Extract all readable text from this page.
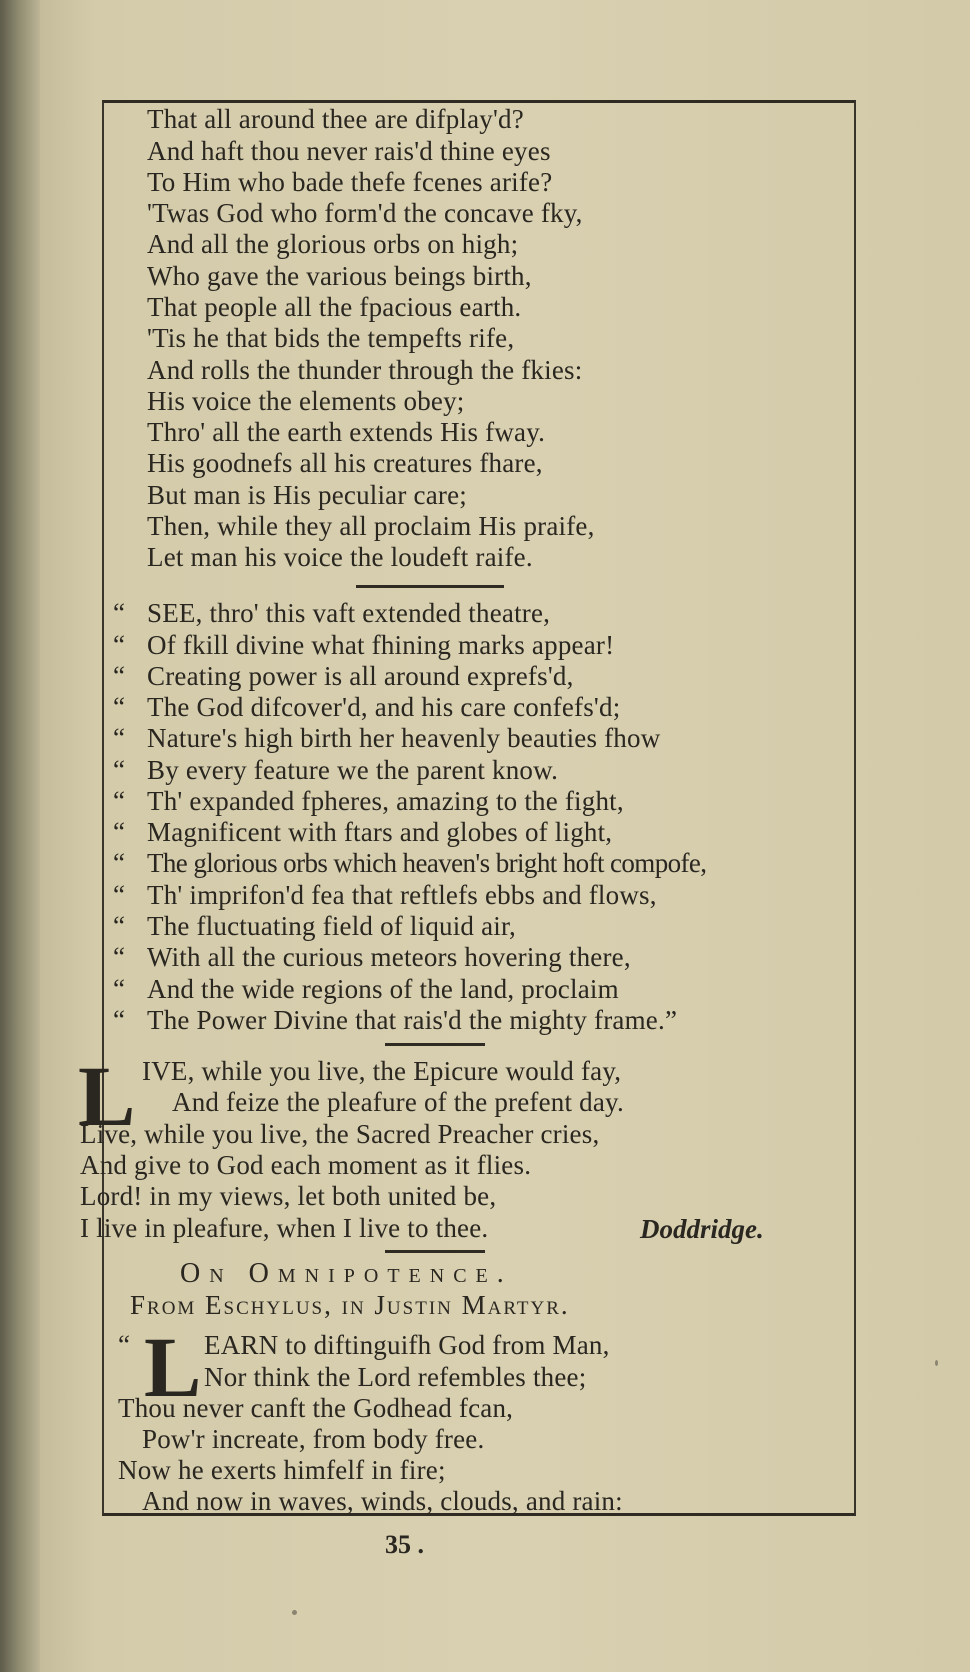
That all around thee are difplay'd?
And haft thou never rais'd thine eyes
To Him who bade thefe fcenes arife?
'Twas God who form'd the concave fky,
And all the glorious orbs on high;
Who gave the various beings birth,
That people all the fpacious earth.
'Tis he that bids the tempefts rife,
And rolls the thunder through the fkies:
His voice the elements obey;
Thro' all the earth extends His fway.
His goodnefs all his creatures fhare,
But man is His peculiar care;
Then, while they all proclaim His praife,
Let man his voice the loudeft raife.
“ SEE, thro' this vaft extended theatre,
“ Of fkill divine what fhining marks appear!
“ Creating power is all around exprefs'd,
“ The God difcover'd, and his care confefs'd;
“ Nature's high birth her heavenly beauties fhow
“ By every feature we the parent know.
“ Th' expanded fpheres, amazing to the fight,
“ Magnificent with ftars and globes of light,
“ The glorious orbs which heaven's bright hoft compofe,
“ Th' imprifon'd fea that reftlefs ebbs and flows,
“ The fluctuating field of liquid air,
“ With all the curious meteors hovering there,
“ And the wide regions of the land, proclaim
“ The Power Divine that rais'd the mighty frame.”
L IVE, while you live, the Epicure would fay,
And feize the pleafure of the prefent day.
Live, while you live, the Sacred Preacher cries,
And give to God each moment as it flies.
Lord! in my views, let both united be,
I live in pleafure, when I live to thee.	Doddridge.
On Omnipotence.
From Eschylus, in Justin Martyr.
“ L EARN to diftinguifh God from Man,
Nor think the Lord refembles thee;
Thou never canft the Godhead fcan,
Pow'r increate, from body free.
Now he exerts himfelf in fire;
And now in waves, winds, clouds, and rain:
35 .
